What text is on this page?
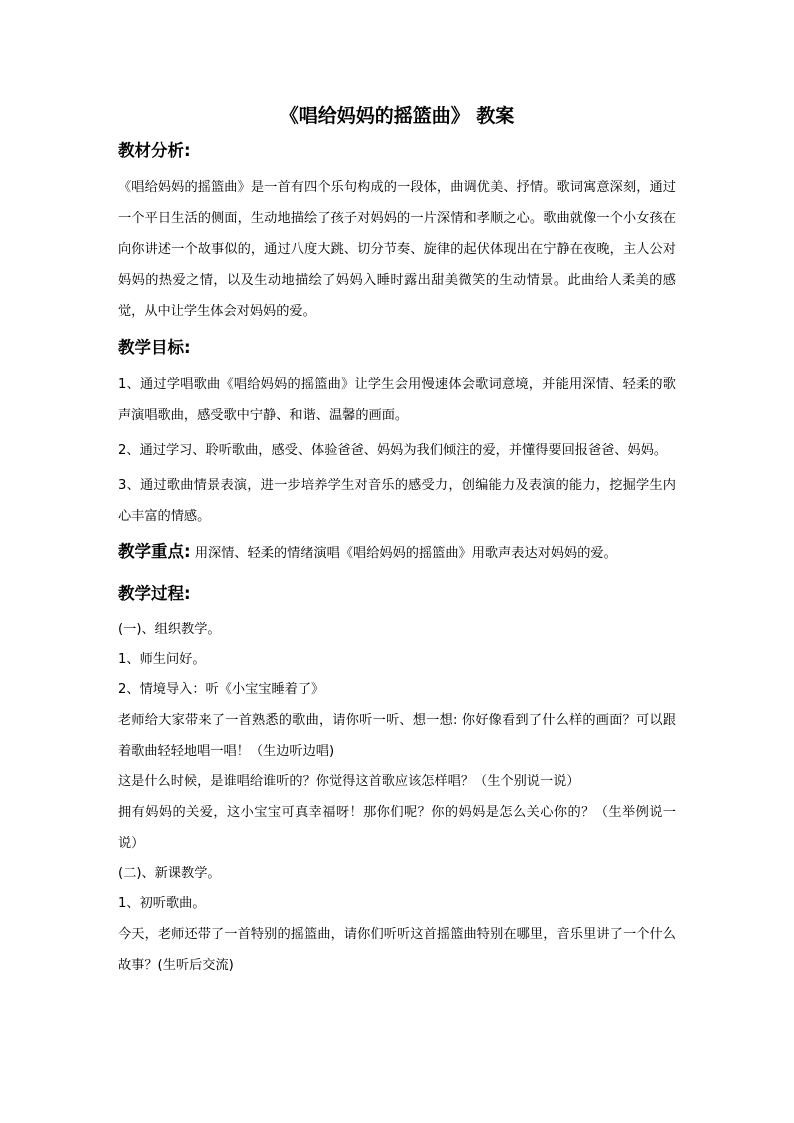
《唱给妈妈的摇篮曲》 教案
教材分析:

《唱给妈妈的摇篮曲》是一首有四个乐句构成的一段体，曲调优美、抒情。歌词寓意深刻，通过一个平日生活的侧面，生动地描绘了孩子对妈妈的一片深情和孝顺之心。歌曲就像一个小女孩在向你讲述一个故事似的，通过八度大跳、切分节奏、旋律的起伏体现出在宁静在夜晚，主人公对妈妈的热爱之情，以及生动地描绘了妈妈入睡时露出甜美微笑的生动情景。此曲给人柔美的感觉，从中让学生体会对妈妈的爱。

教学目标:

1、通过学唱歌曲《唱给妈妈的摇篮曲》让学生会用慢速体会歌词意境，并能用深情、轻柔的歌声演唱歌曲，感受歌中宁静、和谐、温馨的画面。

2、通过学习、聆听歌曲，感受、体验爸爸、妈妈为我们倾注的爱，并懂得要回报爸爸、妈妈。

3、通过歌曲情景表演，进一步培养学生对音乐的感受力，创编能力及表演的能力，挖掘学生内心丰富的情感。

教学重点: 用深情、轻柔的情绪演唱《唱给妈妈的摇篮曲》用歌声表达对妈妈的爱。

教学过程:

(一)、组织教学。

1、师生问好。

2、情境导入：听《小宝宝睡着了》

老师给大家带来了一首熟悉的歌曲，请你听一听、想一想: 你好像看到了什么样的画面？可以跟着歌曲轻轻地唱一唱！（生边听边唱)

这是什么时候，是谁唱给谁听的？你觉得这首歌应该怎样唱？（生个别说一说）

拥有妈妈的关爱，这小宝宝可真幸福呀！那你们呢？你的妈妈是怎么关心你的？（生举例说一说）

(二)、新课教学。

1、初听歌曲。

今天，老师还带了一首特别的摇篮曲，请你们听听这首摇篮曲特别在哪里，音乐里讲了一个什么故事？(生听后交流)
